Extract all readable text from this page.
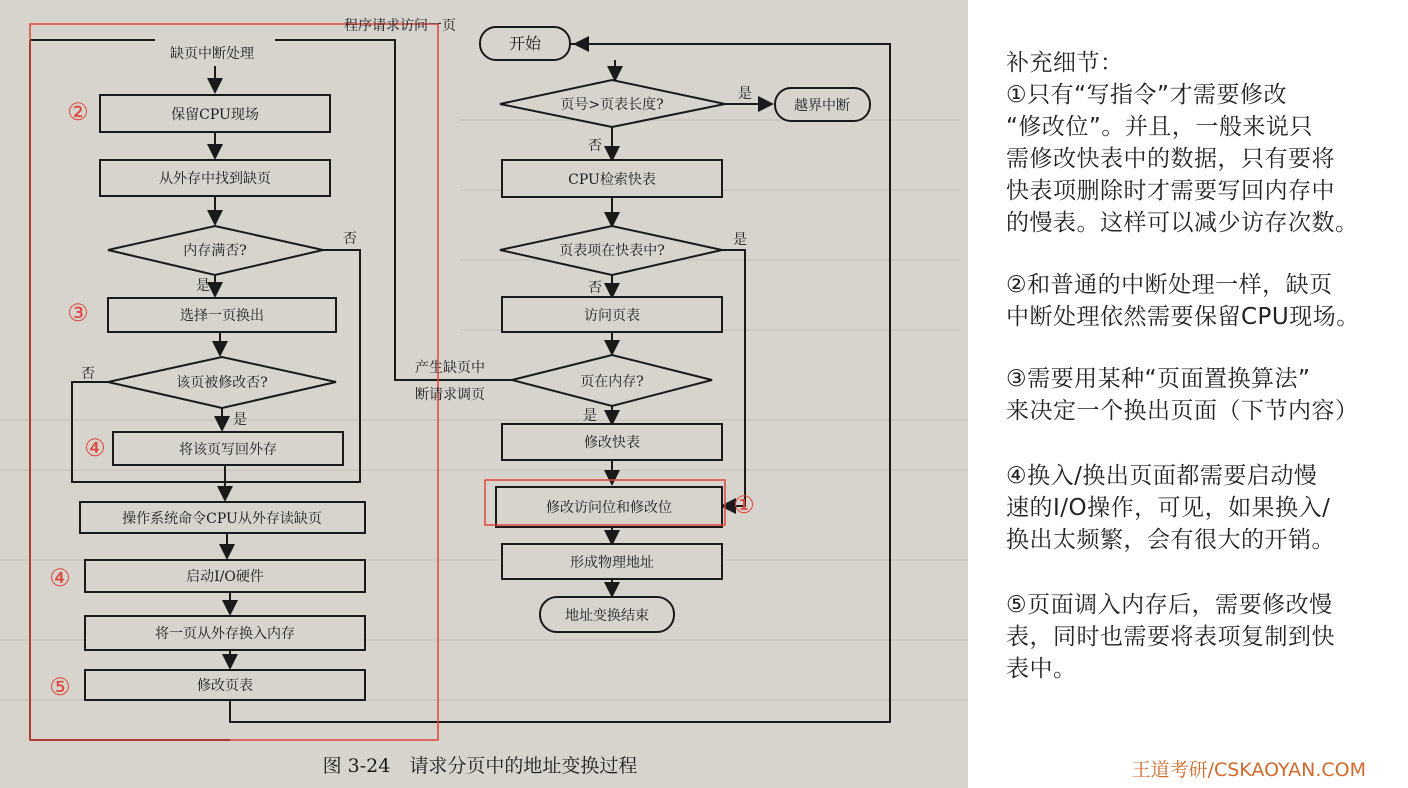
程序请求访问一页
开始
页号>页表长度?
是
越界中断
否
CPU检索快表
页表项在快表中?
是
否
访问页表
页在内存?
是
修改快表
修改访问位和修改位
形成物理地址
地址变换结束
产生缺页中
断请求调页
缺页中断处理
保留CPU现场
从外存中找到缺页
内存满否?
否
是
选择一页换出
该页被修改否?
否
是
将该页写回外存
操作系统命令CPU从外存读缺页
启动I/O硬件
将一页从外存换入内存
修改页表
②
③
④
④
⑤
①
图 3-24　请求分页中的地址变换过程
补充细节：
①只有“写指令”才需要修改
“修改位”。并且，一般来说只
需修改快表中的数据，只有要将
快表项删除时才需要写回内存中
的慢表。这样可以减少访存次数。
②和普通的中断处理一样，缺页
中断处理依然需要保留CPU现场。
③需要用某种“页面置换算法”
来决定一个换出页面（下节内容）
④换入/换出页面都需要启动慢
速的I/O操作，可见，如果换入/
换出太频繁，会有很大的开销。
⑤页面调入内存后，需要修改慢
表，同时也需要将表项复制到快
表中。
王道考研/CSKAOYAN.COM
